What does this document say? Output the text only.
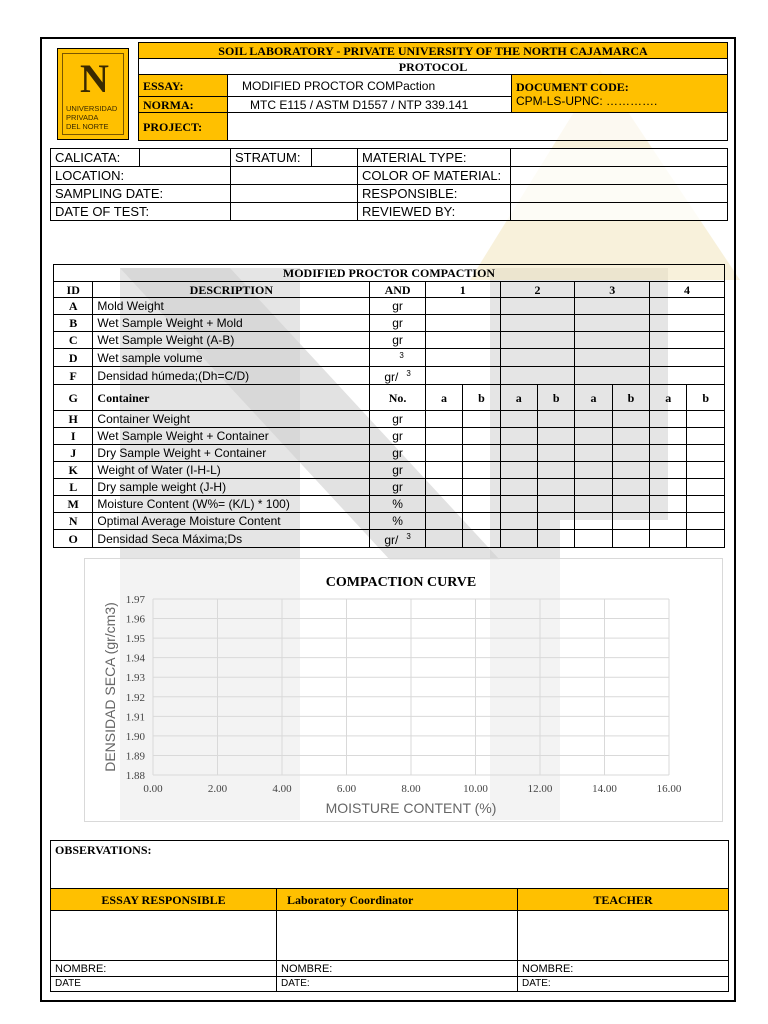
N
UNIVERSIDAD
PRIVADA
DEL NORTE
SOIL LABORATORY - PRIVATE UNIVERSITY OF THE NORTH CAJAMARCA		
PROTOCOL		
ESSAY:	MODIFIED PROCTOR COMPaction	DOCUMENT CODE:
CPM-LS-UPNC: ………….

NORMA:	MTC E115 / ASTM D1557 / NTP 339.141	
PROJECT:		
CALICATA:		STRATUM:		MATERIAL TYPE:	
LOCATION:				COLOR OF MATERIAL:	
SAMPLING DATE:				RESPONSIBLE:	
DATE OF TEST:				REVIEWED BY:	
MODIFIED PROCTOR COMPACTION										
ID	DESCRIPTION	AND	1		2		3		4	
A	Mold Weight	gr								
B	Wet Sample Weight + Mold	gr								
C	Wet Sample Weight (A-B)	gr								
D	Wet sample volume	$^3$				
F	Densidad húmeda;(Dh=C/D)	gr/ $^3$				
G	Container	No.	a	b	a	b	a	b	a	b
H	Container Weight	gr								
I	Wet Sample Weight + Container	gr								
J	Dry Sample Weight + Container	gr								
K	Weight of Water (I-H-L)	gr								
L	Dry sample weight (J-H)	gr								
M	Moisture Content (W%= (K/L) * 100)	%								
N	Optimal Average Moisture Content	%								
O	Densidad Seca Máxima;Ds	gr/ $^3$								
COMPACTION CURVE
1.88
1.89
1.90
1.91
1.92
1.93
1.94
1.95
1.96
1.97
0.00	2.00	4.00	6.00	8.00	10.00	12.00	14.00	16.00
MOISTURE CONTENT (%)
DENSIDAD SECA (gr/cm3)
OBSERVATIONS:		
ESSAY RESPONSIBLE	Laboratory Coordinator	TEACHER

NOMBRE:	NOMBRE:	NOMBRE:
DATE	DATE:	DATE:
